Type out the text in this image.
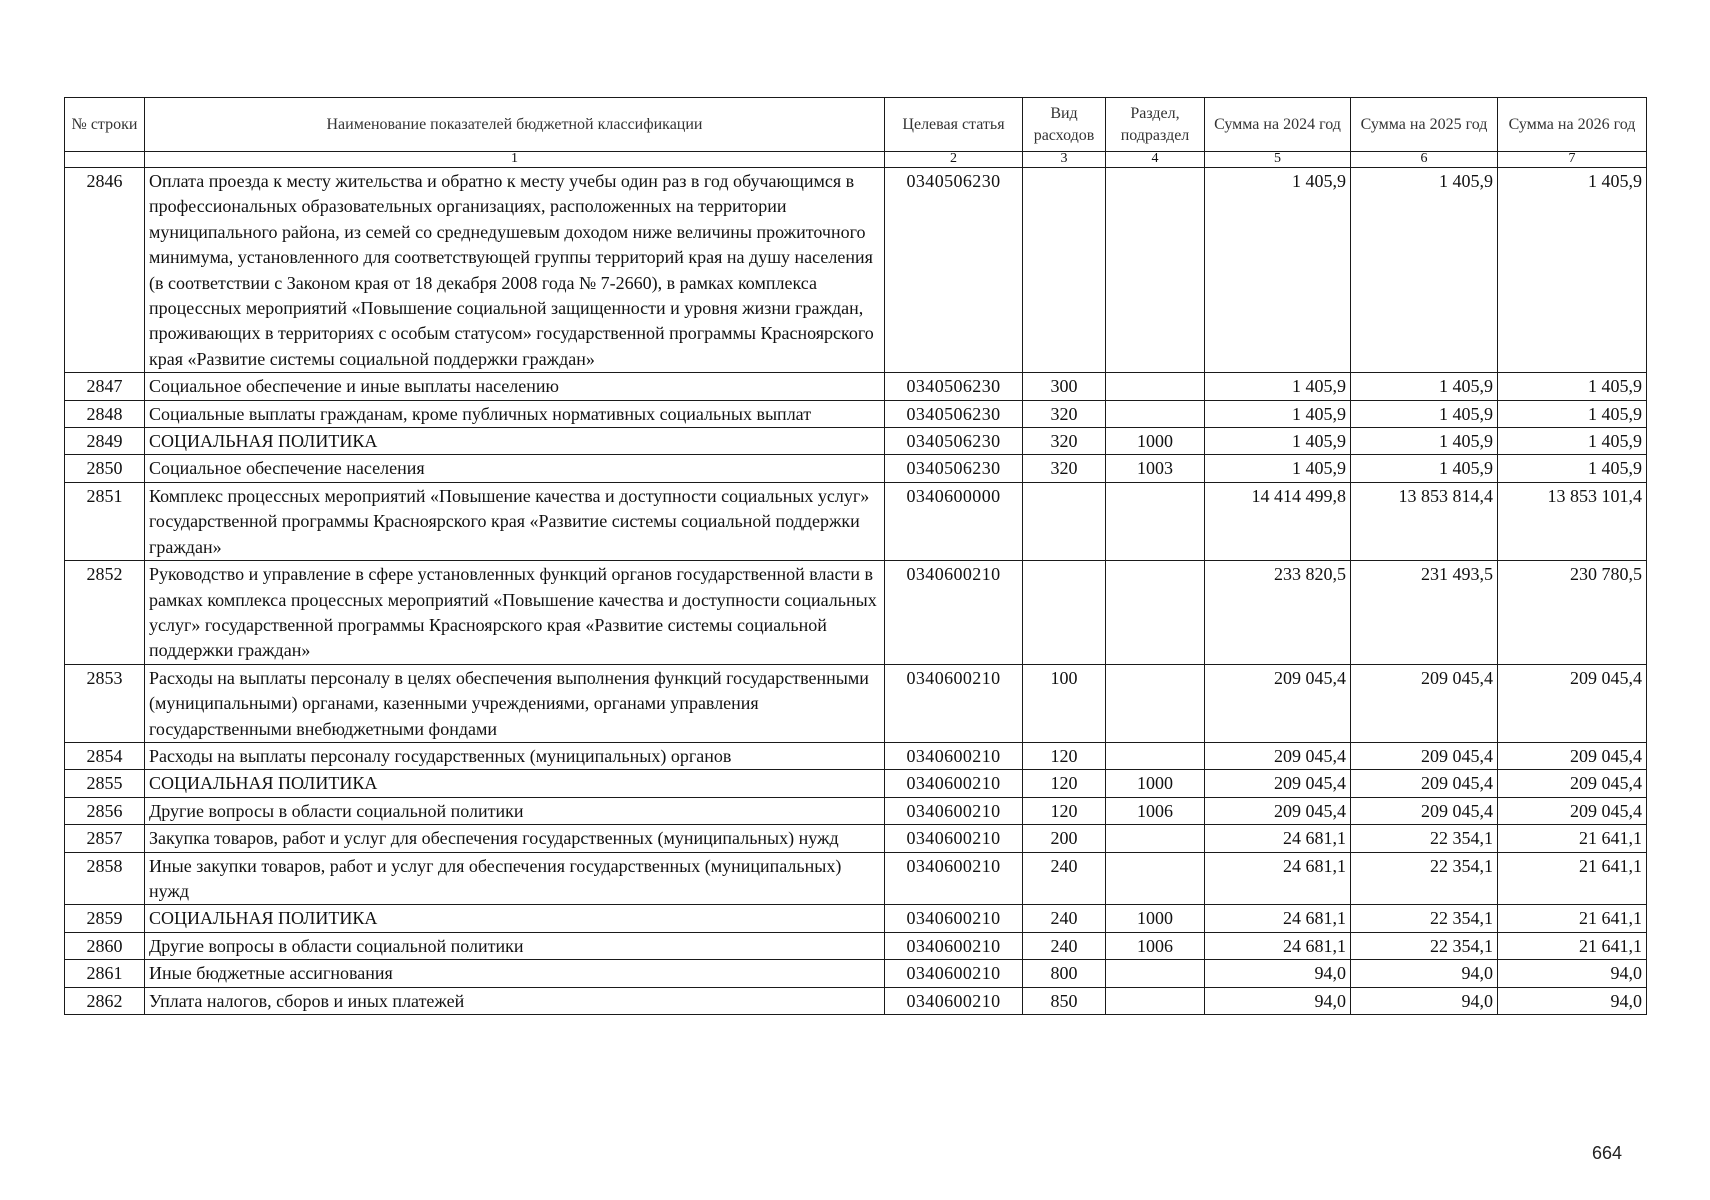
№ строки	Наименование показателей бюджетной классификации	Целевая статья	Вид расходов	Раздел, подраздел	Сумма на 2024 год	Сумма на 2025 год	Сумма на 2026 год
	1	2	3	4	5	6	7
2846	Оплата проезда к месту жительства и обратно к месту учебы один раз в год обучающимся в профессиональных образовательных организациях, расположенных на территории муниципального района, из семей со среднедушевым доходом ниже величины прожиточного минимума, установленного для соответствующей группы территорий края на душу населения (в соответствии с Законом края от 18 декабря 2008 года № 7-2660), в рамках комплекса процессных мероприятий «Повышение социальной защищенности и уровня жизни граждан, проживающих в территориях с особым статусом» государственной программы Красноярского края «Развитие системы социальной поддержки граждан»	0340506230			1 405,9	1 405,9	1 405,9
2847	Социальное обеспечение и иные выплаты населению	0340506230	300		1 405,9	1 405,9	1 405,9
2848	Социальные выплаты гражданам, кроме публичных нормативных социальных выплат	0340506230	320		1 405,9	1 405,9	1 405,9
2849	СОЦИАЛЬНАЯ ПОЛИТИКА	0340506230	320	1000	1 405,9	1 405,9	1 405,9
2850	Социальное обеспечение населения	0340506230	320	1003	1 405,9	1 405,9	1 405,9
2851	Комплекс процессных мероприятий «Повышение качества и доступности социальных услуг» государственной программы Красноярского края «Развитие системы социальной поддержки граждан»	0340600000			14 414 499,8	13 853 814,4	13 853 101,4
2852	Руководство и управление в сфере установленных функций органов государственной власти в рамках комплекса процессных мероприятий «Повышение качества и доступности социальных услуг» государственной программы Красноярского края «Развитие системы социальной поддержки граждан»	0340600210			233 820,5	231 493,5	230 780,5
2853	Расходы на выплаты персоналу в целях обеспечения выполнения функций государственными (муниципальными) органами, казенными учреждениями, органами управления государственными внебюджетными фондами	0340600210	100		209 045,4	209 045,4	209 045,4
2854	Расходы на выплаты персоналу государственных (муниципальных) органов	0340600210	120		209 045,4	209 045,4	209 045,4
2855	СОЦИАЛЬНАЯ ПОЛИТИКА	0340600210	120	1000	209 045,4	209 045,4	209 045,4
2856	Другие вопросы в области социальной политики	0340600210	120	1006	209 045,4	209 045,4	209 045,4
2857	Закупка товаров, работ и услуг для обеспечения государственных (муниципальных) нужд	0340600210	200		24 681,1	22 354,1	21 641,1
2858	Иные закупки товаров, работ и услуг для обеспечения государственных (муниципальных) нужд	0340600210	240		24 681,1	22 354,1	21 641,1
2859	СОЦИАЛЬНАЯ ПОЛИТИКА	0340600210	240	1000	24 681,1	22 354,1	21 641,1
2860	Другие вопросы в области социальной политики	0340600210	240	1006	24 681,1	22 354,1	21 641,1
2861	Иные бюджетные ассигнования	0340600210	800		94,0	94,0	94,0
2862	Уплата налогов, сборов и иных платежей	0340600210	850		94,0	94,0	94,0
664
